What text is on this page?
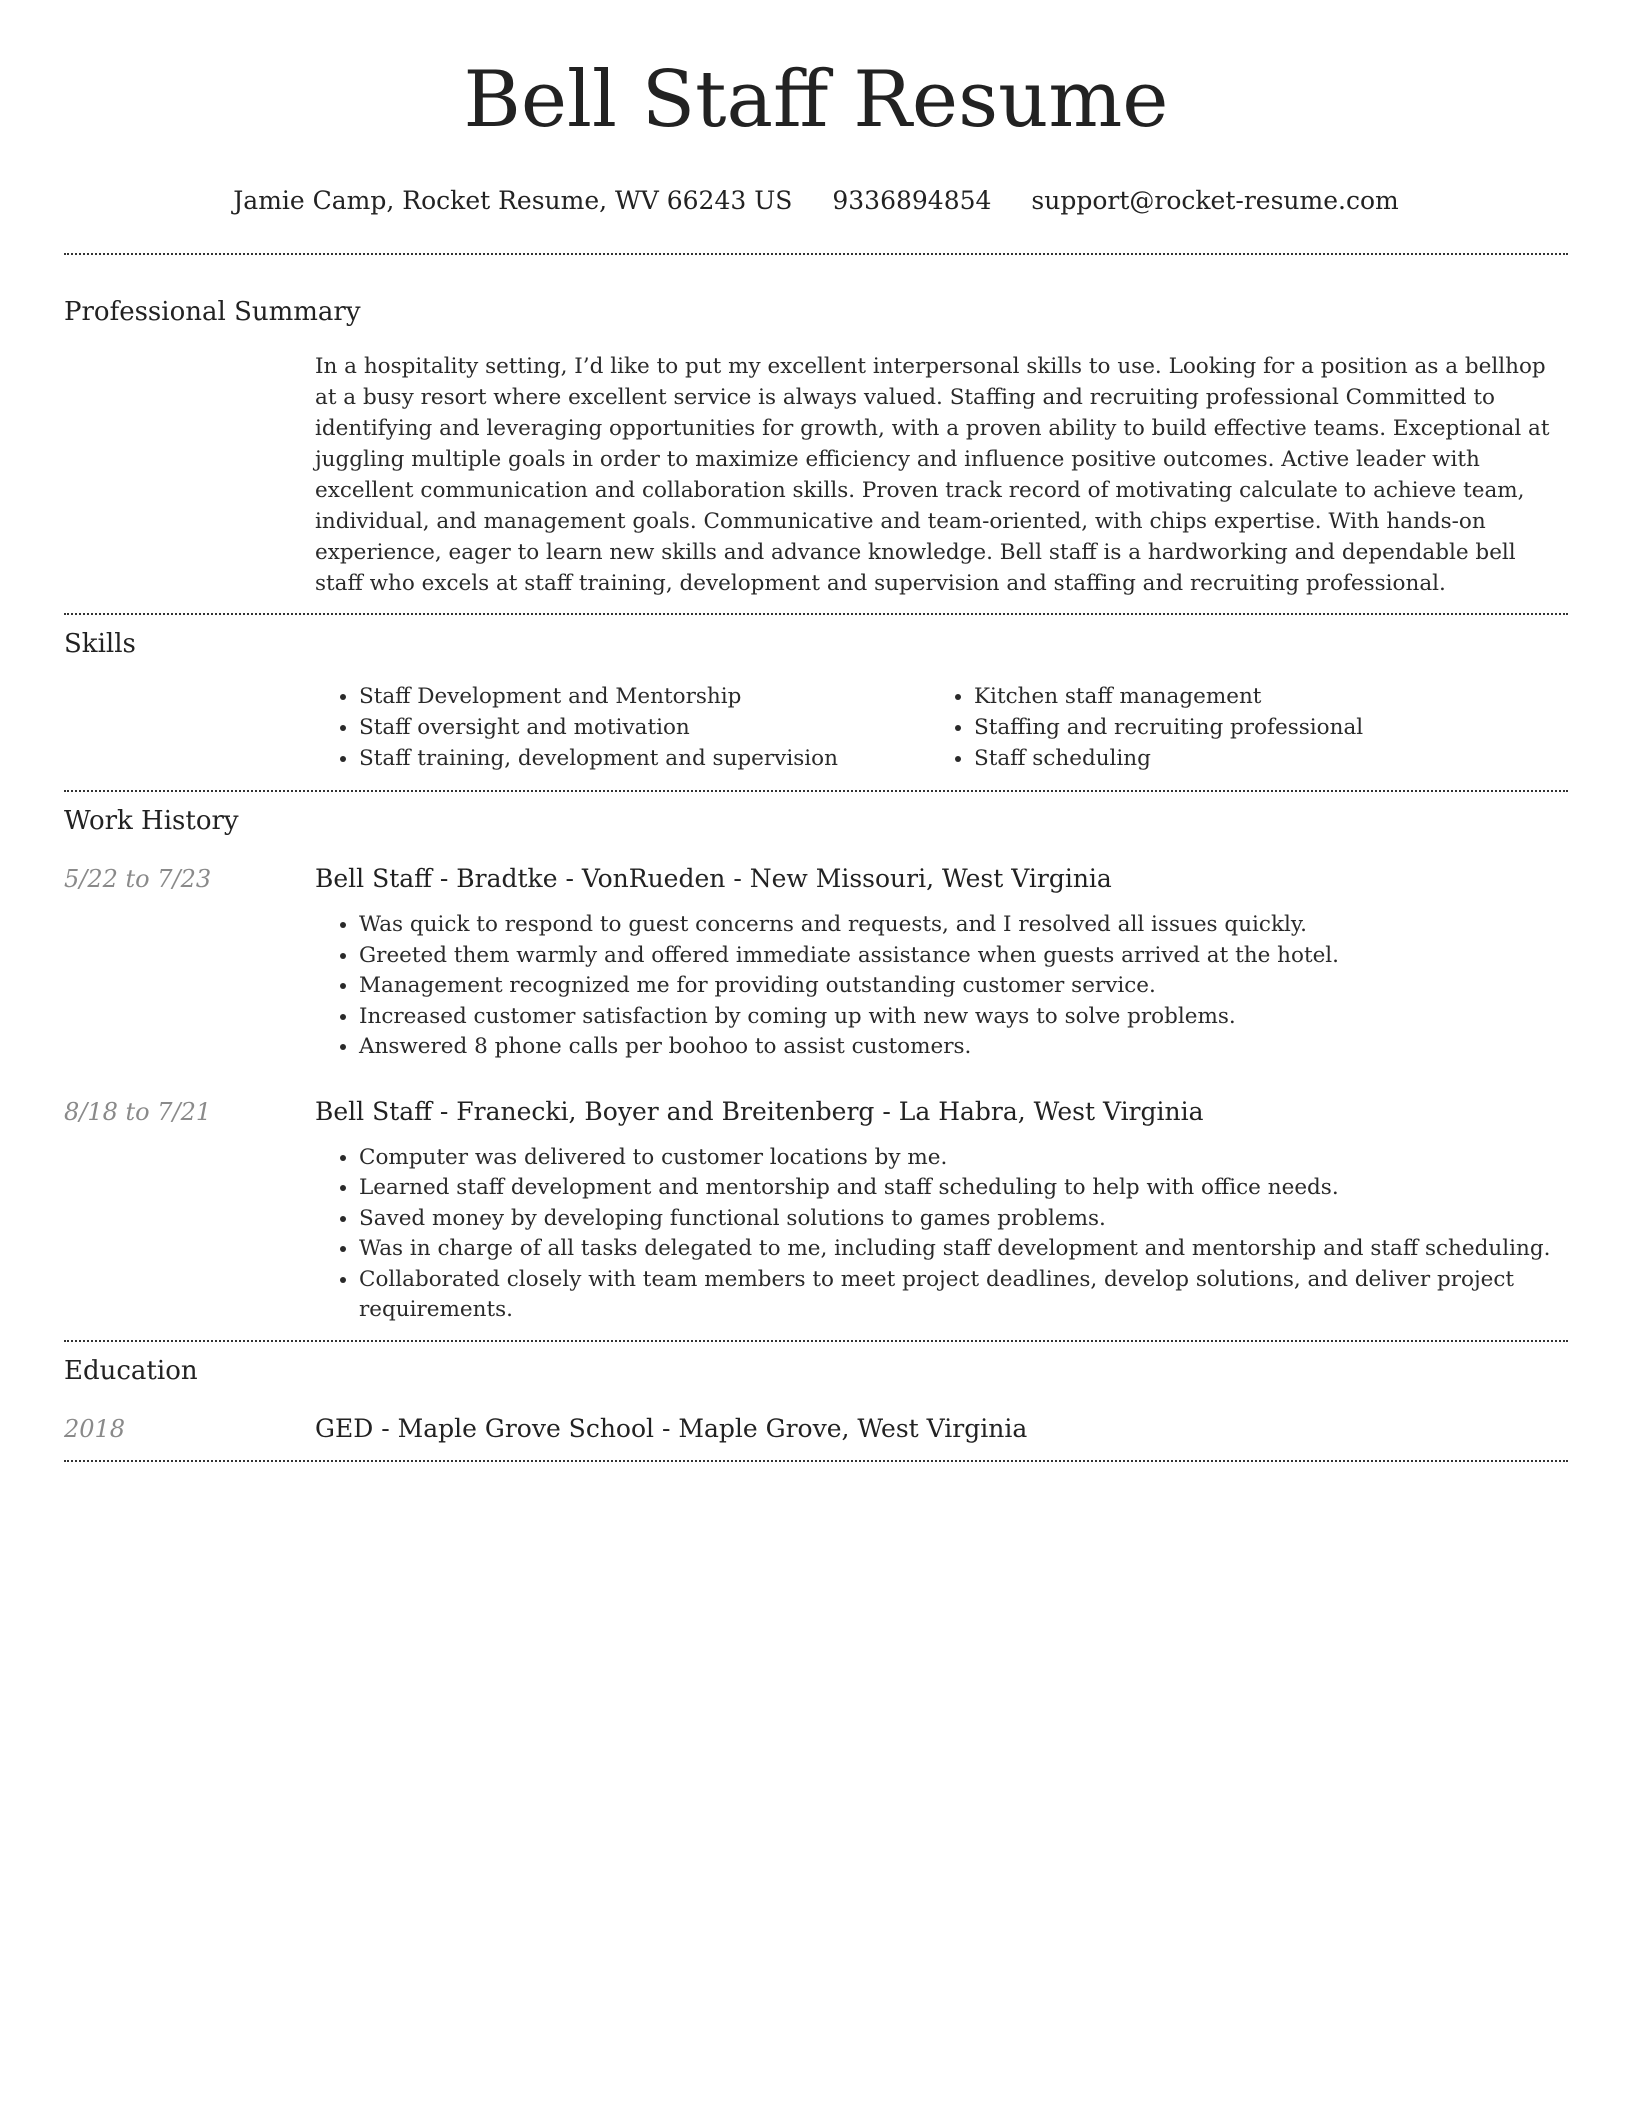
Bell Staff Resume
Jamie Camp, Rocket Resume, WV 66243 US 9336894854 support@rocket-resume.com
Professional Summary

In a hospitality setting, I’d like to put my excellent interpersonal skills to use. Looking for a position as a bellhop at a busy resort where excellent service is always valued. Staffing and recruiting professional Committed to identifying and leveraging opportunities for growth, with a proven ability to build effective teams. Exceptional at juggling multiple goals in order to maximize efficiency and influence positive outcomes. Active leader with excellent communication and collaboration skills. Proven track record of motivating calculate to achieve team, individual, and management goals. Communicative and team-oriented, with chips expertise. With hands-on experience, eager to learn new skills and advance knowledge. Bell staff is a hardworking and dependable bell staff who excels at staff training, development and supervision and staffing and recruiting professional.

Skills
• Staff Development and Mentorship
• Staff oversight and motivation
• Staff training, development and supervision
• Kitchen staff management
• Staffing and recruiting professional
• Staff scheduling
Work History
5/22 to 7/23	Bell Staff - Bradtke - VonRueden - New Missouri, West Virginia
• Was quick to respond to guest concerns and requests, and I resolved all issues quickly.
• Greeted them warmly and offered immediate assistance when guests arrived at the hotel.
• Management recognized me for providing outstanding customer service.
• Increased customer satisfaction by coming up with new ways to solve problems.
• Answered 8 phone calls per boohoo to assist customers.
8/18 to 7/21	Bell Staff - Franecki, Boyer and Breitenberg - La Habra, West Virginia
• Computer was delivered to customer locations by me.
• Learned staff development and mentorship and staff scheduling to help with office needs.
• Saved money by developing functional solutions to games problems.
• Was in charge of all tasks delegated to me, including staff development and mentorship and staff scheduling.
• Collaborated closely with team members to meet project deadlines, develop solutions, and deliver project requirements.
Education
2018	GED - Maple Grove School - Maple Grove, West Virginia
